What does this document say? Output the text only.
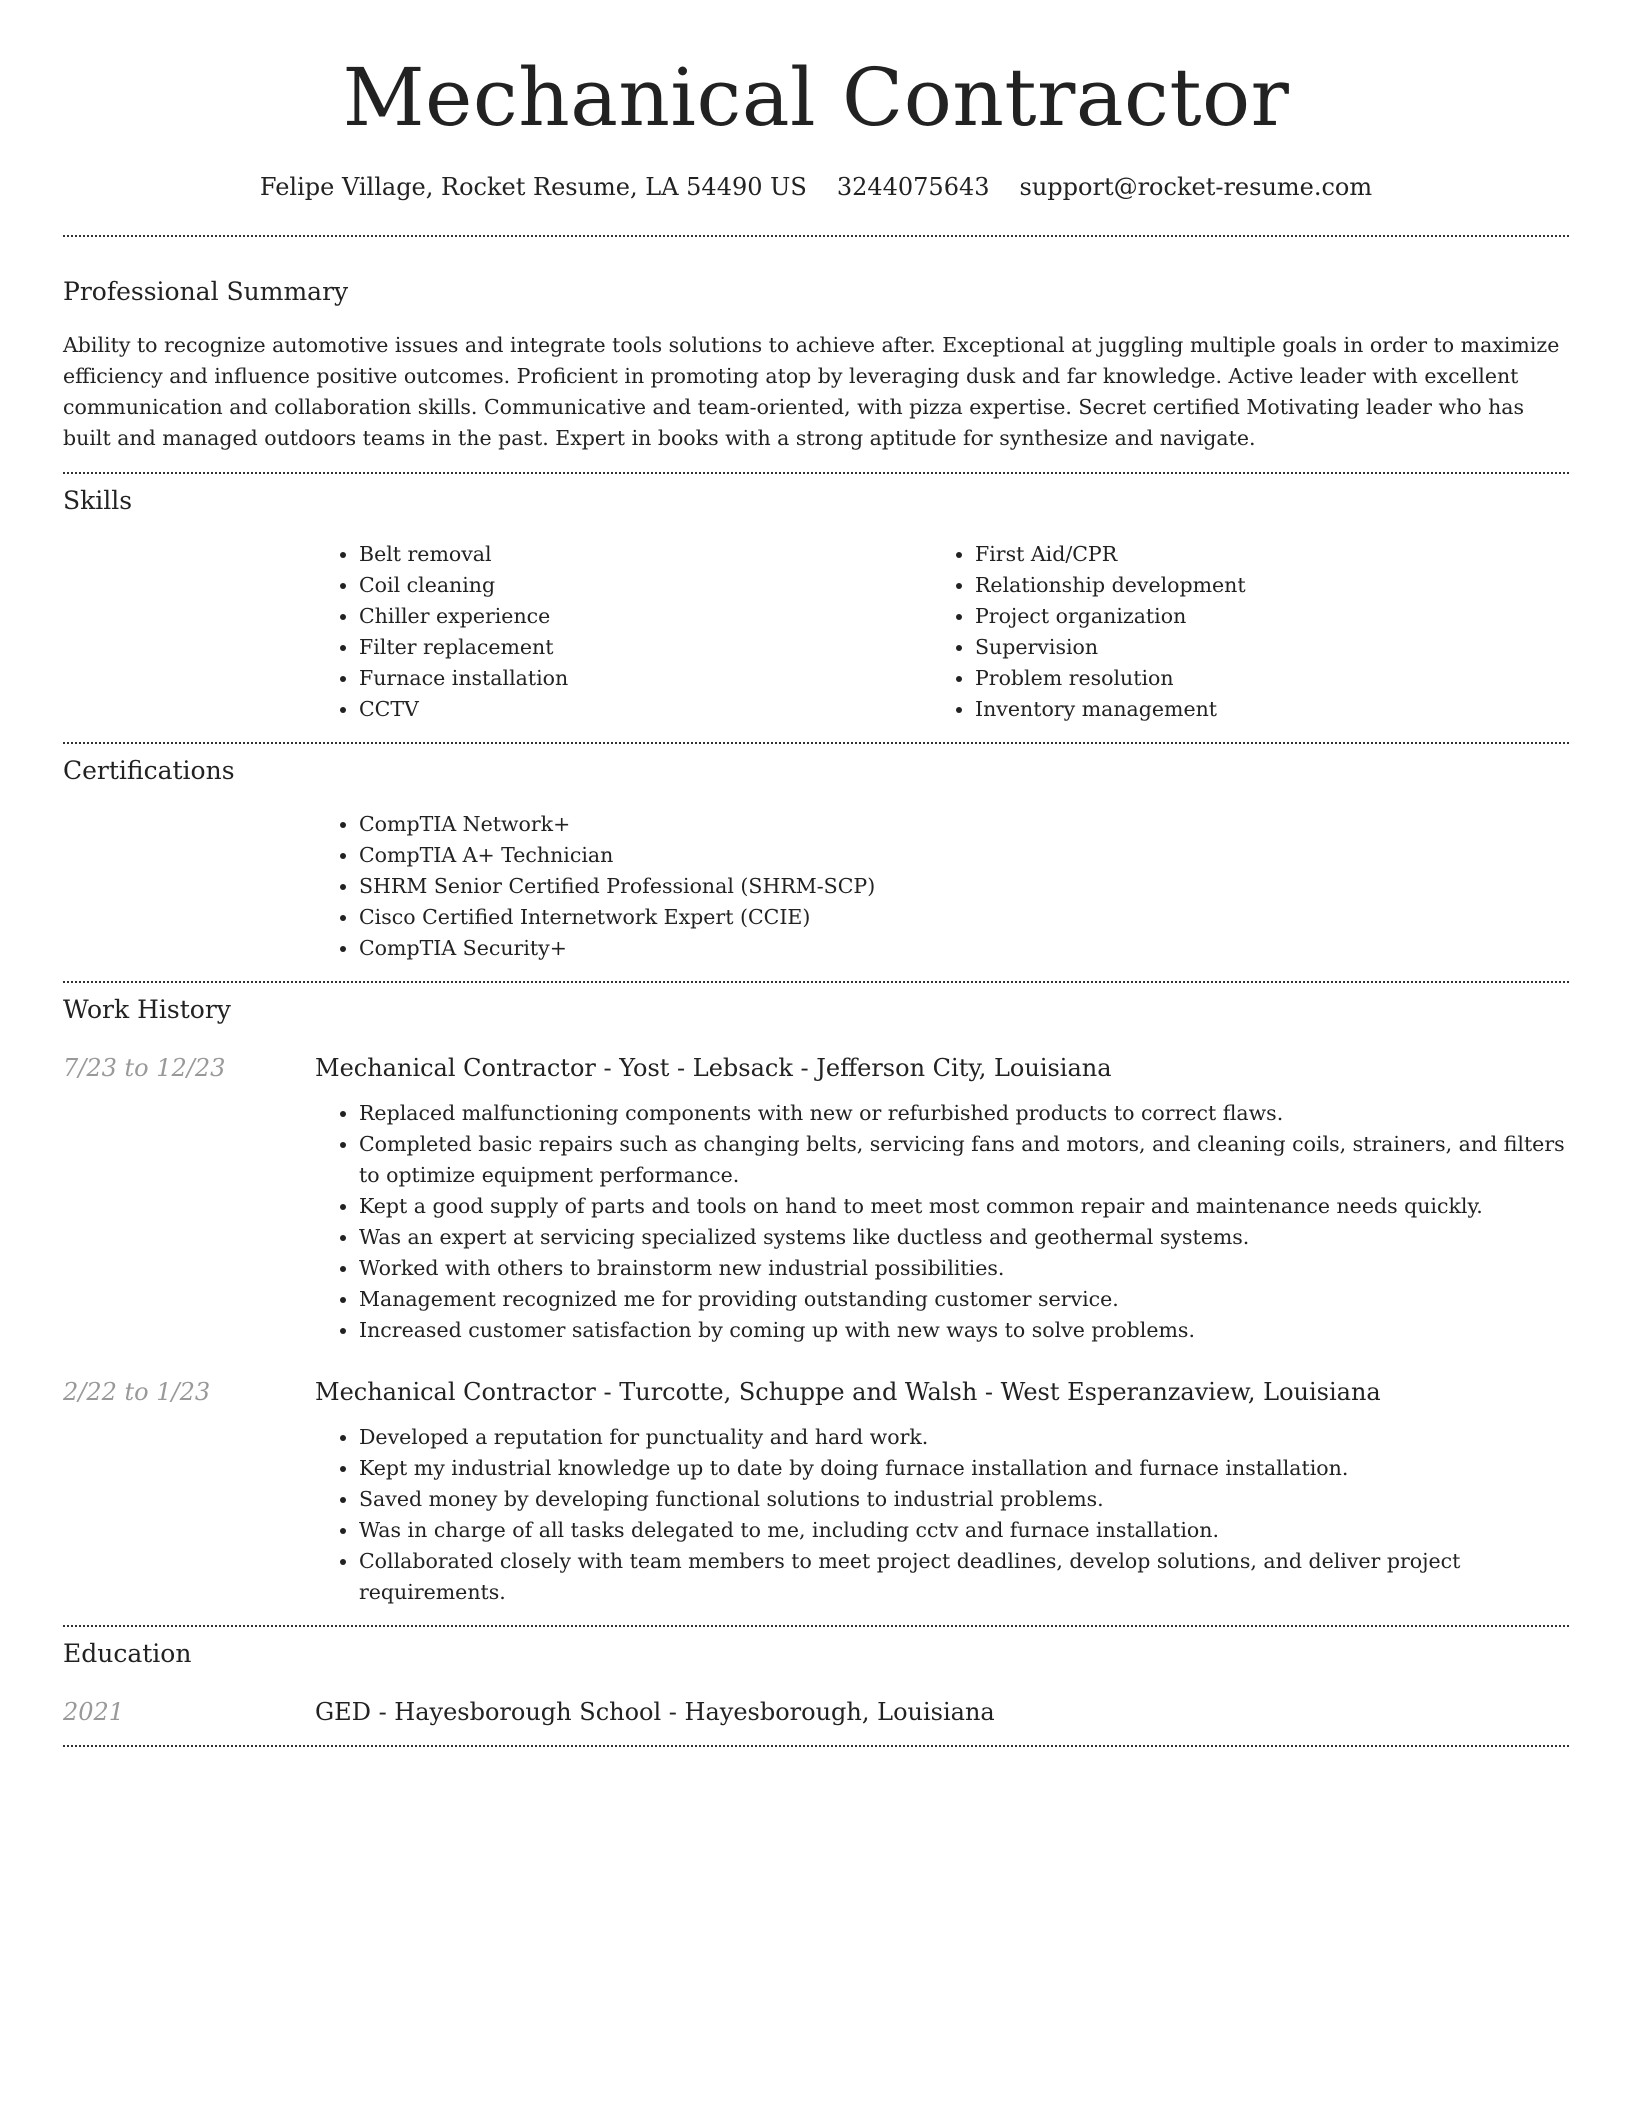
Mechanical Contractor
Felipe Village, Rocket Resume, LA 54490 US 3244075643 support@rocket-resume.com
Professional Summary

Ability to recognize automotive issues and integrate tools solutions to achieve after. Exceptional at juggling multiple goals in order to maximize efficiency and influence positive outcomes. Proficient in promoting atop by leveraging dusk and far knowledge. Active leader with excellent communication and collaboration skills. Communicative and team-oriented, with pizza expertise. Secret certified Motivating leader who has built and managed outdoors teams in the past. Expert in books with a strong aptitude for synthesize and navigate.

Skills
• Belt removal
• Coil cleaning
• Chiller experience
• Filter replacement
• Furnace installation
• CCTV
• First Aid/CPR
• Relationship development
• Project organization
• Supervision
• Problem resolution
• Inventory management
Certifications
• CompTIA Network+
• CompTIA A+ Technician
• SHRM Senior Certified Professional (SHRM-SCP)
• Cisco Certified Internetwork Expert (CCIE)
• CompTIA Security+
Work History
7/23 to 12/23	Mechanical Contractor - Yost - Lebsack - Jefferson City, Louisiana
• Replaced malfunctioning components with new or refurbished products to correct flaws.
• Completed basic repairs such as changing belts, servicing fans and motors, and cleaning coils, strainers, and filters to optimize equipment performance.
• Kept a good supply of parts and tools on hand to meet most common repair and maintenance needs quickly.
• Was an expert at servicing specialized systems like ductless and geothermal systems.
• Worked with others to brainstorm new industrial possibilities.
• Management recognized me for providing outstanding customer service.
• Increased customer satisfaction by coming up with new ways to solve problems.
2/22 to 1/23	Mechanical Contractor - Turcotte, Schuppe and Walsh - West Esperanzaview, Louisiana
• Developed a reputation for punctuality and hard work.
• Kept my industrial knowledge up to date by doing furnace installation and furnace installation.
• Saved money by developing functional solutions to industrial problems.
• Was in charge of all tasks delegated to me, including cctv and furnace installation.
• Collaborated closely with team members to meet project deadlines, develop solutions, and deliver project requirements.
Education
2021	GED - Hayesborough School - Hayesborough, Louisiana
